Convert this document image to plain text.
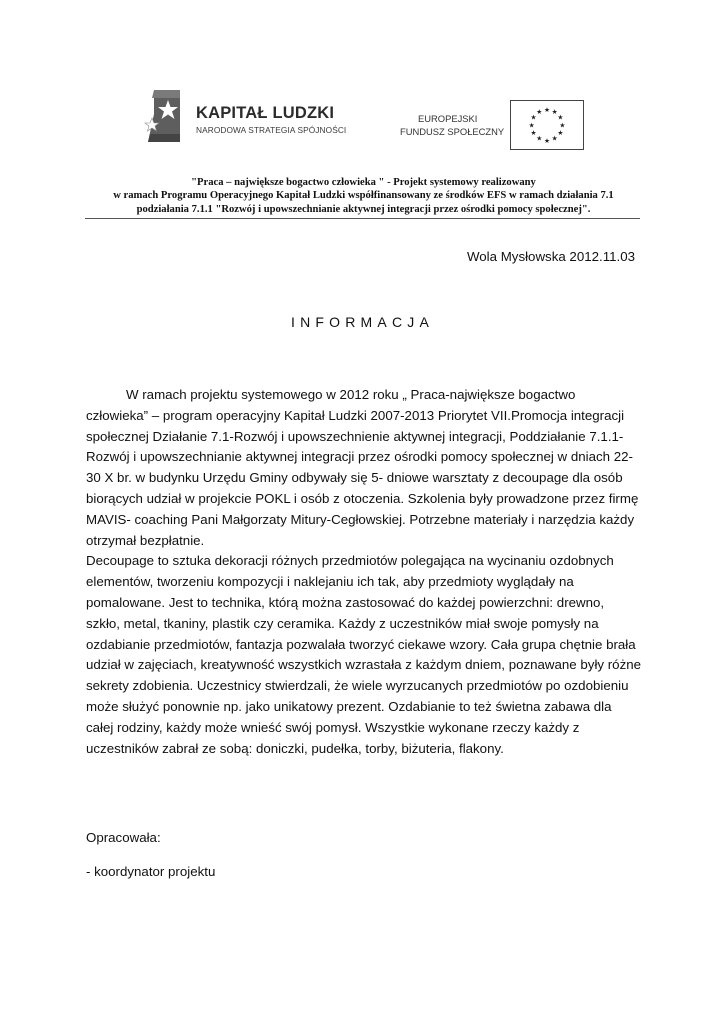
KAPITAŁ LUDZKI
NARODOWA STRATEGIA SPÓJNOŚCI
EUROPEJSKI
FUNDUSZ SPOŁECZNY
★ ★
★
★
★
★
★
★
★
★
★
★
"Praca – największe bogactwo człowieka " - Projekt systemowy realizowany
w ramach Programu Operacyjnego Kapitał Ludzki współfinansowany ze środków EFS w ramach działania 7.1
podziałania 7.1.1 "Rozwój i upowszechnianie aktywnej integracji przez ośrodki pomocy społecznej".
Wola Mysłowska 2012.11.03
INFORMACJA
W ramach projektu systemowego w 2012 roku „ Praca-największe bogactwo
człowieka” – program operacyjny Kapitał Ludzki 2007-2013 Priorytet VII.Promocja integracji
społecznej Działanie 7.1-Rozwój i upowszechnienie aktywnej integracji, Poddziałanie 7.1.1-
Rozwój i upowszechnianie aktywnej integracji przez ośrodki pomocy społecznej w dniach 22-
30 X br. w budynku Urzędu Gminy odbywały się 5- dniowe warsztaty z decoupage dla osób
biorących udział w projekcie POKL i osób z otoczenia. Szkolenia były prowadzone przez firmę
MAVIS- coaching Pani Małgorzaty Mitury-Cegłowskiej. Potrzebne materiały i narzędzia każdy
otrzymał bezpłatnie.
Decoupage to sztuka dekoracji różnych przedmiotów polegająca na wycinaniu ozdobnych
elementów, tworzeniu kompozycji i naklejaniu ich tak, aby przedmioty wyglądały na
pomalowane. Jest to technika, którą można zastosować do każdej powierzchni: drewno,
szkło, metal, tkaniny, plastik czy ceramika. Każdy z uczestników miał swoje pomysły na
ozdabianie przedmiotów, fantazja pozwalała tworzyć ciekawe wzory. Cała grupa chętnie brała
udział w zajęciach, kreatywność wszystkich wzrastała z każdym dniem, poznawane były różne
sekrety zdobienia. Uczestnicy stwierdzali, że wiele wyrzucanych przedmiotów po ozdobieniu
może służyć ponownie np. jako unikatowy prezent. Ozdabianie to też świetna zabawa dla
całej rodziny, każdy może wnieść swój pomysł. Wszystkie wykonane rzeczy każdy z
uczestników zabrał ze sobą: doniczki, pudełka, torby, biżuteria, flakony.
Opracowała:
- koordynator projektu
